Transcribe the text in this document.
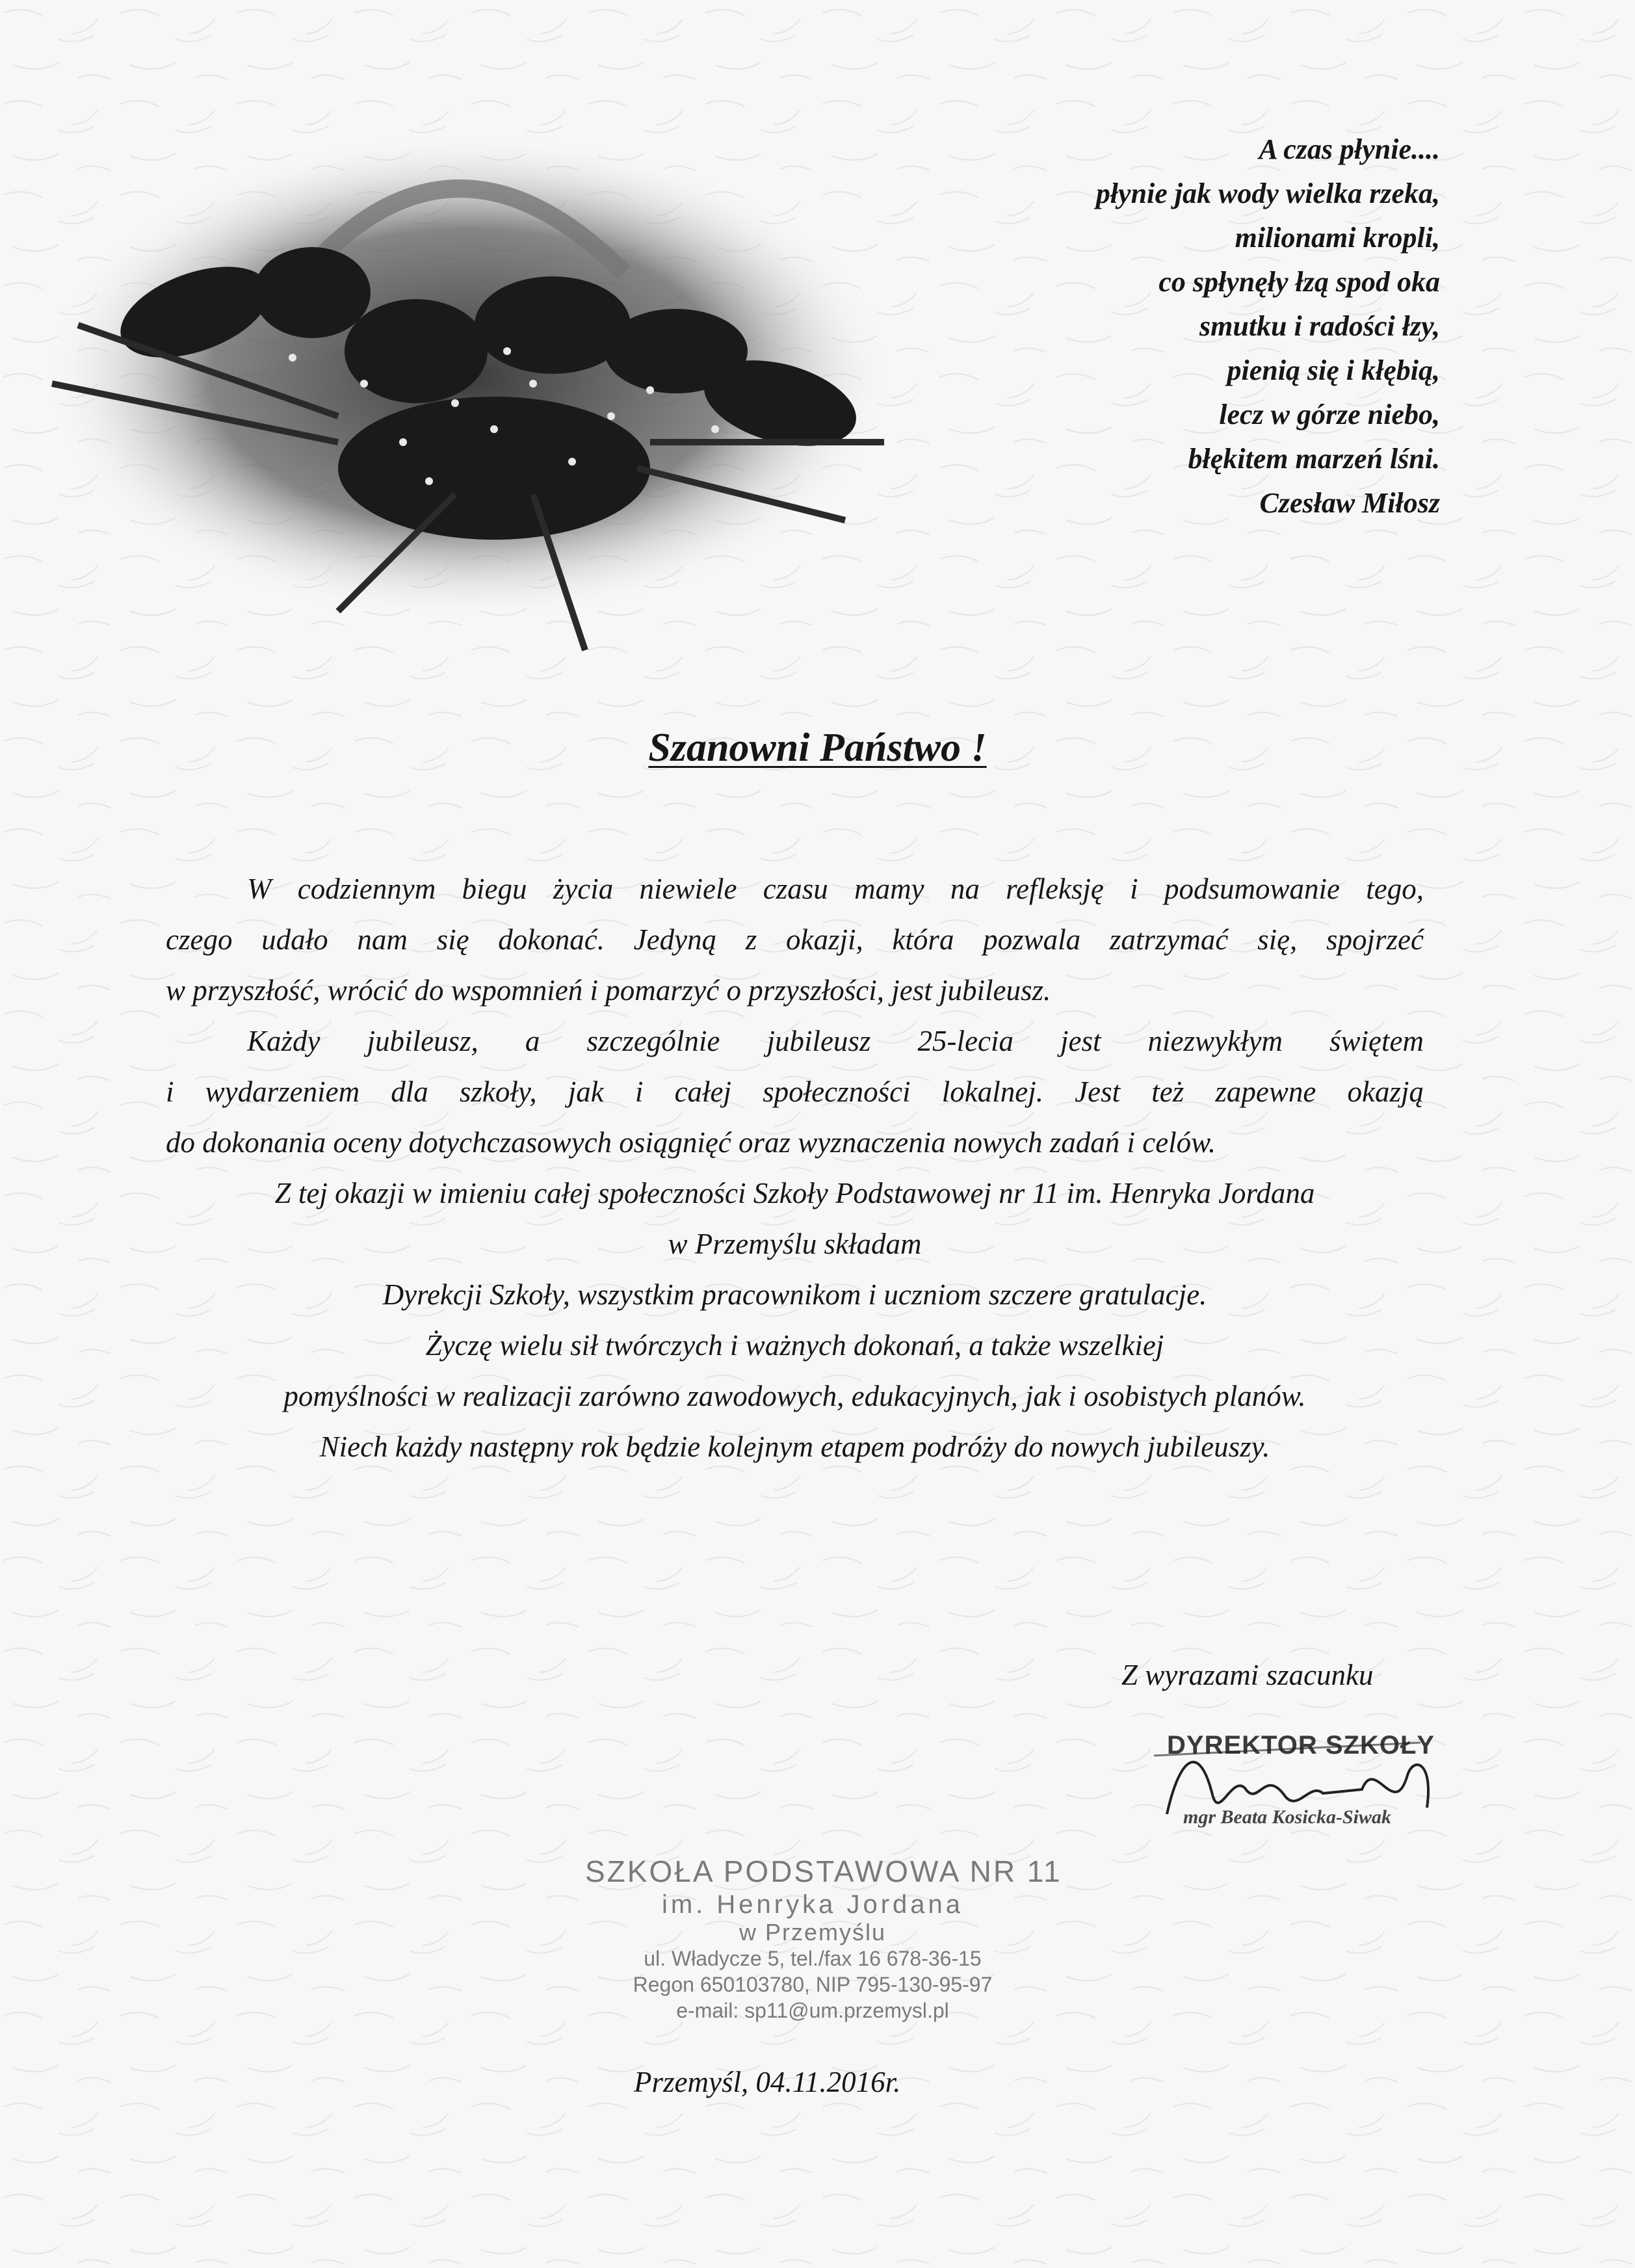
A czas płynie....
płynie jak wody wielka rzeka,
milionami kropli,
co spłynęły łzą spod oka
smutku i radości łzy,
pienią się i kłębią,
lecz w górze niebo,
błękitem marzeń lśni.
Czesław Miłosz
Szanowni Państwo !
W codziennym biegu życia niewiele czasu mamy na refleksję i podsumowanie tego,
czego udało nam się dokonać. Jedyną z okazji, która pozwala zatrzymać się, spojrzeć
w przyszłość, wrócić do wspomnień i pomarzyć o przyszłości, jest jubileusz.
Każdy jubileusz, a szczególnie jubileusz 25-lecia jest niezwykłym świętem
i wydarzeniem dla szkoły, jak i całej społeczności lokalnej. Jest też zapewne okazją
do dokonania oceny dotychczasowych osiągnięć oraz wyznaczenia nowych zadań i celów.
Z tej okazji w imieniu całej społeczności Szkoły Podstawowej nr 11 im. Henryka Jordana
w Przemyślu składam
Dyrekcji Szkoły, wszystkim pracownikom i uczniom szczere gratulacje.
Życzę wielu sił twórczych i ważnych dokonań, a także wszelkiej
pomyślności w realizacji zarówno zawodowych, edukacyjnych, jak i osobistych planów.
Niech każdy następny rok będzie kolejnym etapem podróży do nowych jubileuszy.
Z wyrazami szacunku
DYREKTOR SZKOŁY
mgr Beata Kosicka-Siwak
SZKOŁA PODSTAWOWA NR 11
im. Henryka Jordana
w Przemyślu
ul. Władycze 5, tel./fax 16 678-36-15
Regon 650103780, NIP 795-130-95-97
e-mail: sp11@um.przemysl.pl
Przemyśl, 04.11.2016r.
